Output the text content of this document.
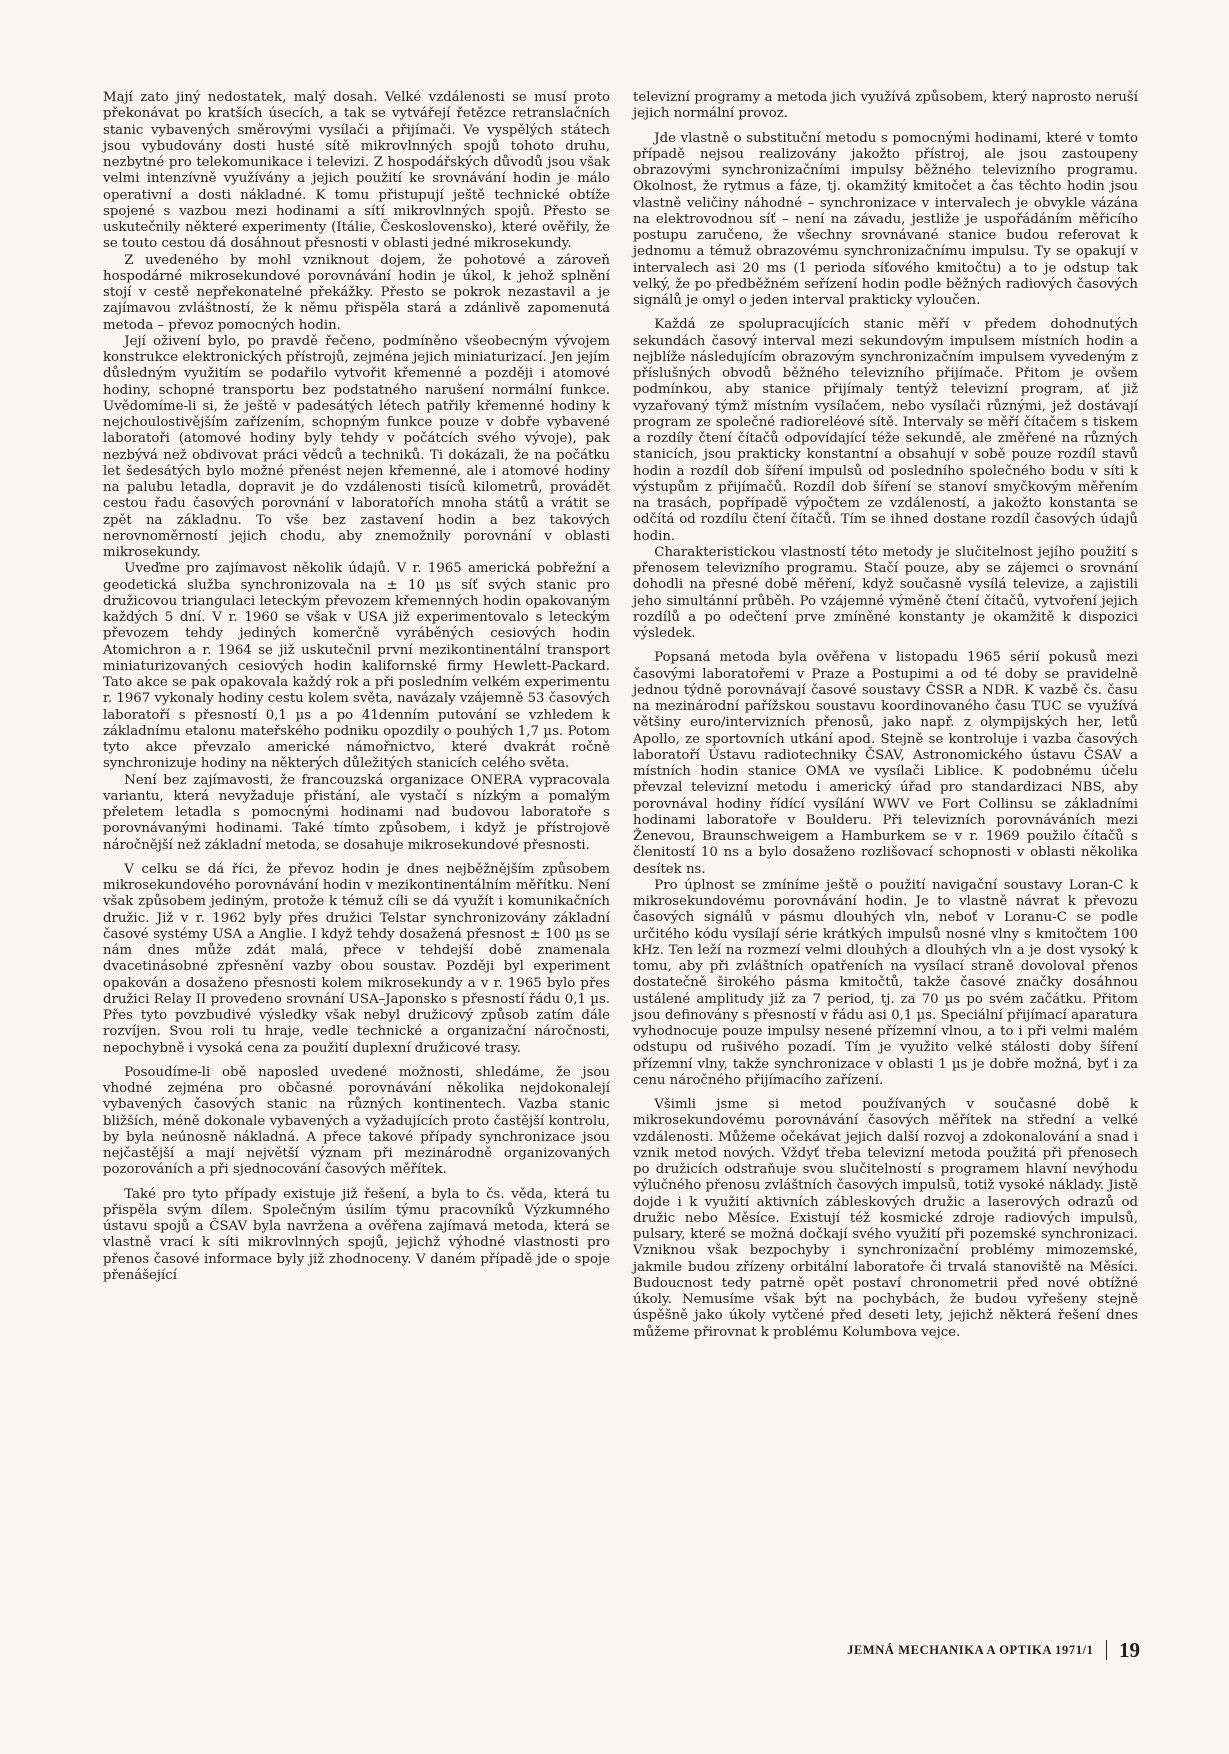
Mají zato jiný nedostatek, malý dosah. Velké vzdálenosti se musí proto překonávat po kratších úsecích, a tak se vytvářejí řetězce retranslačních stanic vybavených směrovými vysílači a přijímači. Ve vyspělých státech jsou vybudovány dosti husté sítě mikrovlnných spojů tohoto druhu, nezbytné pro telekomunikace i televizi. Z hospodářských důvodů jsou však velmi intenzívně využívány a jejich použití ke srovnávání hodin je málo operativní a dosti nákladné. K tomu přistupují ještě technické obtíže spojené s vazbou mezi hodinami a sítí mikrovlnných spojů. Přesto se uskutečnily některé experimenty (Itálie, Československo), které ověřily, že se touto cestou dá dosáhnout přesnosti v oblasti jedné mikrosekundy.

Z uvedeného by mohl vzniknout dojem, že pohotové a zároveň hospodárné mikrosekundové porovnávání hodin je úkol, k jehož splnění stojí v cestě nepřekonatelné překážky. Přesto se pokrok nezastavil a je zajímavou zvláštností, že k němu přispěla stará a zdánlivě zapomenutá metoda – převoz pomocných hodin.

Její oživení bylo, po pravdě řečeno, podmíněno všeobecným vývojem konstrukce elektronických přístrojů, zejména jejich miniaturizací. Jen jejím důsledným využitím se podařilo vytvořit křemenné a později i atomové hodiny, schopné transportu bez podstatného narušení normální funkce. Uvědomíme-li si, že ještě v padesátých létech patřily křemenné hodiny k nejchoulostivějším zařízením, schopným funkce pouze v dobře vybavené laboratoři (atomové hodiny byly tehdy v počátcích svého vývoje), pak nezbývá než obdivovat práci vědců a techniků. Ti dokázali, že na počátku let šedesátých bylo možné přenést nejen křemenné, ale i atomové hodiny na palubu letadla, dopravit je do vzdálenosti tisíců kilometrů, provádět cestou řadu časových porovnání v laboratořích mnoha států a vrátit se zpět na základnu. To vše bez zastavení hodin a bez takových nerovnoměrností jejich chodu, aby znemožnily porovnání v oblasti mikrosekundy.

Uveďme pro zajímavost několik údajů. V r. 1965 americká pobřežní a geodetická služba synchronizovala na ± 10 µs síť svých stanic pro družicovou triangulaci leteckým převozem křemenných hodin opakovaným každých 5 dní. V r. 1960 se však v USA již experimentovalo s leteckým převozem tehdy jediných komerčně vyráběných cesiových hodin Atomichron a r. 1964 se již uskutečnil první mezikontinentální transport miniaturizovaných cesiových hodin kalifornské firmy Hewlett-Packard. Tato akce se pak opakovala každý rok a při posledním velkém experimentu r. 1967 vykonaly hodiny cestu kolem světa, navázaly vzájemně 53 časových laboratoří s přesností 0,1 µs a po 41denním putování se vzhledem k základnímu etalonu mateřského podniku opozdily o pouhých 1,7 µs. Potom tyto akce převzalo americké námořnictvo, které dvakrát ročně synchronizuje hodiny na některých důležitých stanicích celého světa.

Není bez zajímavosti, že francouzská organizace ONERA vypracovala variantu, která nevyžaduje přistání, ale vystačí s nízkým a pomalým přeletem letadla s pomocnými hodinami nad budovou laboratoře s porovnávanými hodinami. Také tímto způsobem, i když je přístrojově náročnější než základní metoda, se dosahuje mikrosekundové přesnosti.

V celku se dá říci, že převoz hodin je dnes nejběžnějším způsobem mikrosekundového porovnávání hodin v mezikontinentálním měřítku. Není však způsobem jediným, protože k témuž cíli se dá využít i komunikačních družic. Již v r. 1962 byly přes družici Telstar synchronizovány základní časové systémy USA a Anglie. I když tehdy dosažená přesnost ± 100 µs se nám dnes může zdát malá, přece v tehdejší době znamenala dvacetinásobné zpřesnění vazby obou soustav. Později byl experiment opakován a dosaženo přesnosti kolem mikrosekundy a v r. 1965 bylo přes družici Relay II provedeno srovnání USA–Japonsko s přesností řádu 0,1 µs. Přes tyto povzbudivé výsledky však nebyl družicový způsob zatím dále rozvíjen. Svou roli tu hraje, vedle technické a organizační náročnosti, nepochybně i vysoká cena za použití duplexní družicové trasy.

Posoudíme-li obě naposled uvedené možnosti, shledáme, že jsou vhodné zejména pro občasné porovnávání několika nejdokonalejí vybavených časových stanic na různých kontinentech. Vazba stanic bližších, méně dokonale vybavených a vyžadujících proto častější kontrolu, by byla neúnosně nákladná. A přece takové případy synchronizace jsou nejčastější a mají největší význam při mezinárodně organizovaných pozorováních a při sjednocování časových měřítek.

Také pro tyto případy existuje již řešení, a byla to čs. věda, která tu přispěla svým dílem. Společným úsilím týmu pracovníků Výzkumného ústavu spojů a ČSAV byla navržena a ověřena zajímavá metoda, která se vlastně vrací k síti mikrovlnných spojů, jejichž výhodné vlastnosti pro přenos časové informace byly již zhodnoceny. V daném případě jde o spoje přenášející

televizní programy a metoda jich využívá způsobem, který naprosto neruší jejich normální provoz.

Jde vlastně o substituční metodu s pomocnými hodinami, které v tomto případě nejsou realizovány jakožto přístroj, ale jsou zastoupeny obrazovými synchronizačními impulsy běžného televizního programu. Okolnost, že rytmus a fáze, tj. okamžitý kmitočet a čas těchto hodin jsou vlastně veličiny náhodné – synchronizace v intervalech je obvykle vázána na elektrovodnou síť – není na závadu, jestliže je uspořádáním měřicího postupu zaručeno, že všechny srovnávané stanice budou referovat k jednomu a témuž obrazovému synchronizačnímu impulsu. Ty se opakují v intervalech asi 20 ms (1 perioda síťového kmitočtu) a to je odstup tak velký, že po předběžném seřízení hodin podle běžných radiových časových signálů je omyl o jeden interval prakticky vyloučen.

Každá ze spolupracujících stanic měří v předem dohodnutých sekundách časový interval mezi sekundovým impulsem místních hodin a nejblíže následujícím obrazovým synchronizačním impulsem vyvedeným z příslušných obvodů běžného televizního přijímače. Přitom je ovšem podmínkou, aby stanice přijímaly tentýž televizní program, ať již vyzařovaný týmž místním vysílačem, nebo vysílači různými, jež dostávají program ze společné radioreléové sítě. Intervaly se měří čítačem s tiskem a rozdíly čtení čítačů odpovídající téže sekundě, ale změřené na různých stanicích, jsou prakticky konstantní a obsahují v sobě pouze rozdíl stavů hodin a rozdíl dob šíření impulsů od posledního společného bodu v síti k výstupům z přijímačů. Rozdíl dob šíření se stanoví smyčkovým měřením na trasách, popřípadě výpočtem ze vzdáleností, a jakožto konstanta se odčítá od rozdílu čtení čítačů. Tím se ihned dostane rozdíl časových údajů hodin.

Charakteristickou vlastností této metody je slučitelnost jejího použití s přenosem televizního programu. Stačí pouze, aby se zájemci o srovnání dohodli na přesné době měření, když současně vysílá televize, a zajistili jeho simultánní průběh. Po vzájemné výměně čtení čítačů, vytvoření jejich rozdílů a po odečtení prve zmíněné konstanty je okamžitě k dispozici výsledek.

Popsaná metoda byla ověřena v listopadu 1965 sérií pokusů mezi časovými laboratořemi v Praze a Postupimi a od té doby se pravidelně jednou týdně porovnávají časové soustavy ČSSR a NDR. K vazbě čs. času na mezinárodní pařížskou soustavu koordinovaného času TUC se využívá většiny euro/intervizních přenosů, jako např. z olympijských her, letů Apollo, ze sportovních utkání apod. Stejně se kontroluje i vazba časových laboratoří Ústavu radiotechniky ČSAV, Astronomického ústavu ČSAV a místních hodin stanice OMA ve vysílači Liblice. K podobnému účelu převzal televizní metodu i americký úřad pro standardizaci NBS, aby porovnával hodiny řídící vysílání WWV ve Fort Collinsu se základními hodinami laboratoře v Boulderu. Při televizních porovnáváních mezi Ženevou, Braunschweigem a Hamburkem se v r. 1969 použilo čítačů s členitostí 10 ns a bylo dosaženo rozlišovací schopnosti v oblasti několika desítek ns.

Pro úplnost se zmíníme ještě o použití navigační soustavy Loran-C k mikrosekundovému porovnávání hodin. Je to vlastně návrat k převozu časových signálů v pásmu dlouhých vln, neboť v Loranu-C se podle určitého kódu vysílají série krátkých impulsů nosné vlny s kmitočtem 100 kHz. Ten leží na rozmezí velmi dlouhých a dlouhých vln a je dost vysoký k tomu, aby při zvláštních opatřeních na vysílací straně dovoloval přenos dostatečně širokého pásma kmitočtů, takže časové značky dosáhnou ustálené amplitudy již za 7 period, tj. za 70 µs po svém začátku. Přitom jsou definovány s přesností v řádu asi 0,1 µs. Speciální přijímací aparatura vyhodnocuje pouze impulsy nesené přízemní vlnou, a to i při velmi malém odstupu od rušivého pozadí. Tím je využito velké stálosti doby šíření přízemní vlny, takže synchronizace v oblasti 1 µs je dobře možná, byť i za cenu náročného přijímacího zařízení.

Všimli jsme si metod používaných v současné době k mikrosekundovému porovnávání časových měřítek na střední a velké vzdálenosti. Můžeme očekávat jejich další rozvoj a zdokonalování a snad i vznik metod nových. Vždyť třeba televizní metoda použitá při přenosech po družicích odstraňuje svou slučitelností s programem hlavní nevýhodu výlučného přenosu zvláštních časových impulsů, totiž vysoké náklady. Jistě dojde i k využití aktivních zábleskových družic a laserových odrazů od družic nebo Měsíce. Existují též kosmické zdroje radiových impulsů, pulsary, které se možná dočkají svého využití při pozemské synchronizaci. Vzniknou však bezpochyby i synchronizační problémy mimozemské, jakmile budou zřízeny orbitální laboratoře či trvalá stanoviště na Měsíci. Budoucnost tedy patrně opět postaví chronometrii před nové obtížné úkoly. Nemusíme však být na pochybách, že budou vyřešeny stejně úspěšně jako úkoly vytčené před deseti lety, jejichž některá řešení dnes můžeme přirovnat k problému Kolumbova vejce.

JEMNÁ MECHANIKA A OPTIKA 1971/1 19
